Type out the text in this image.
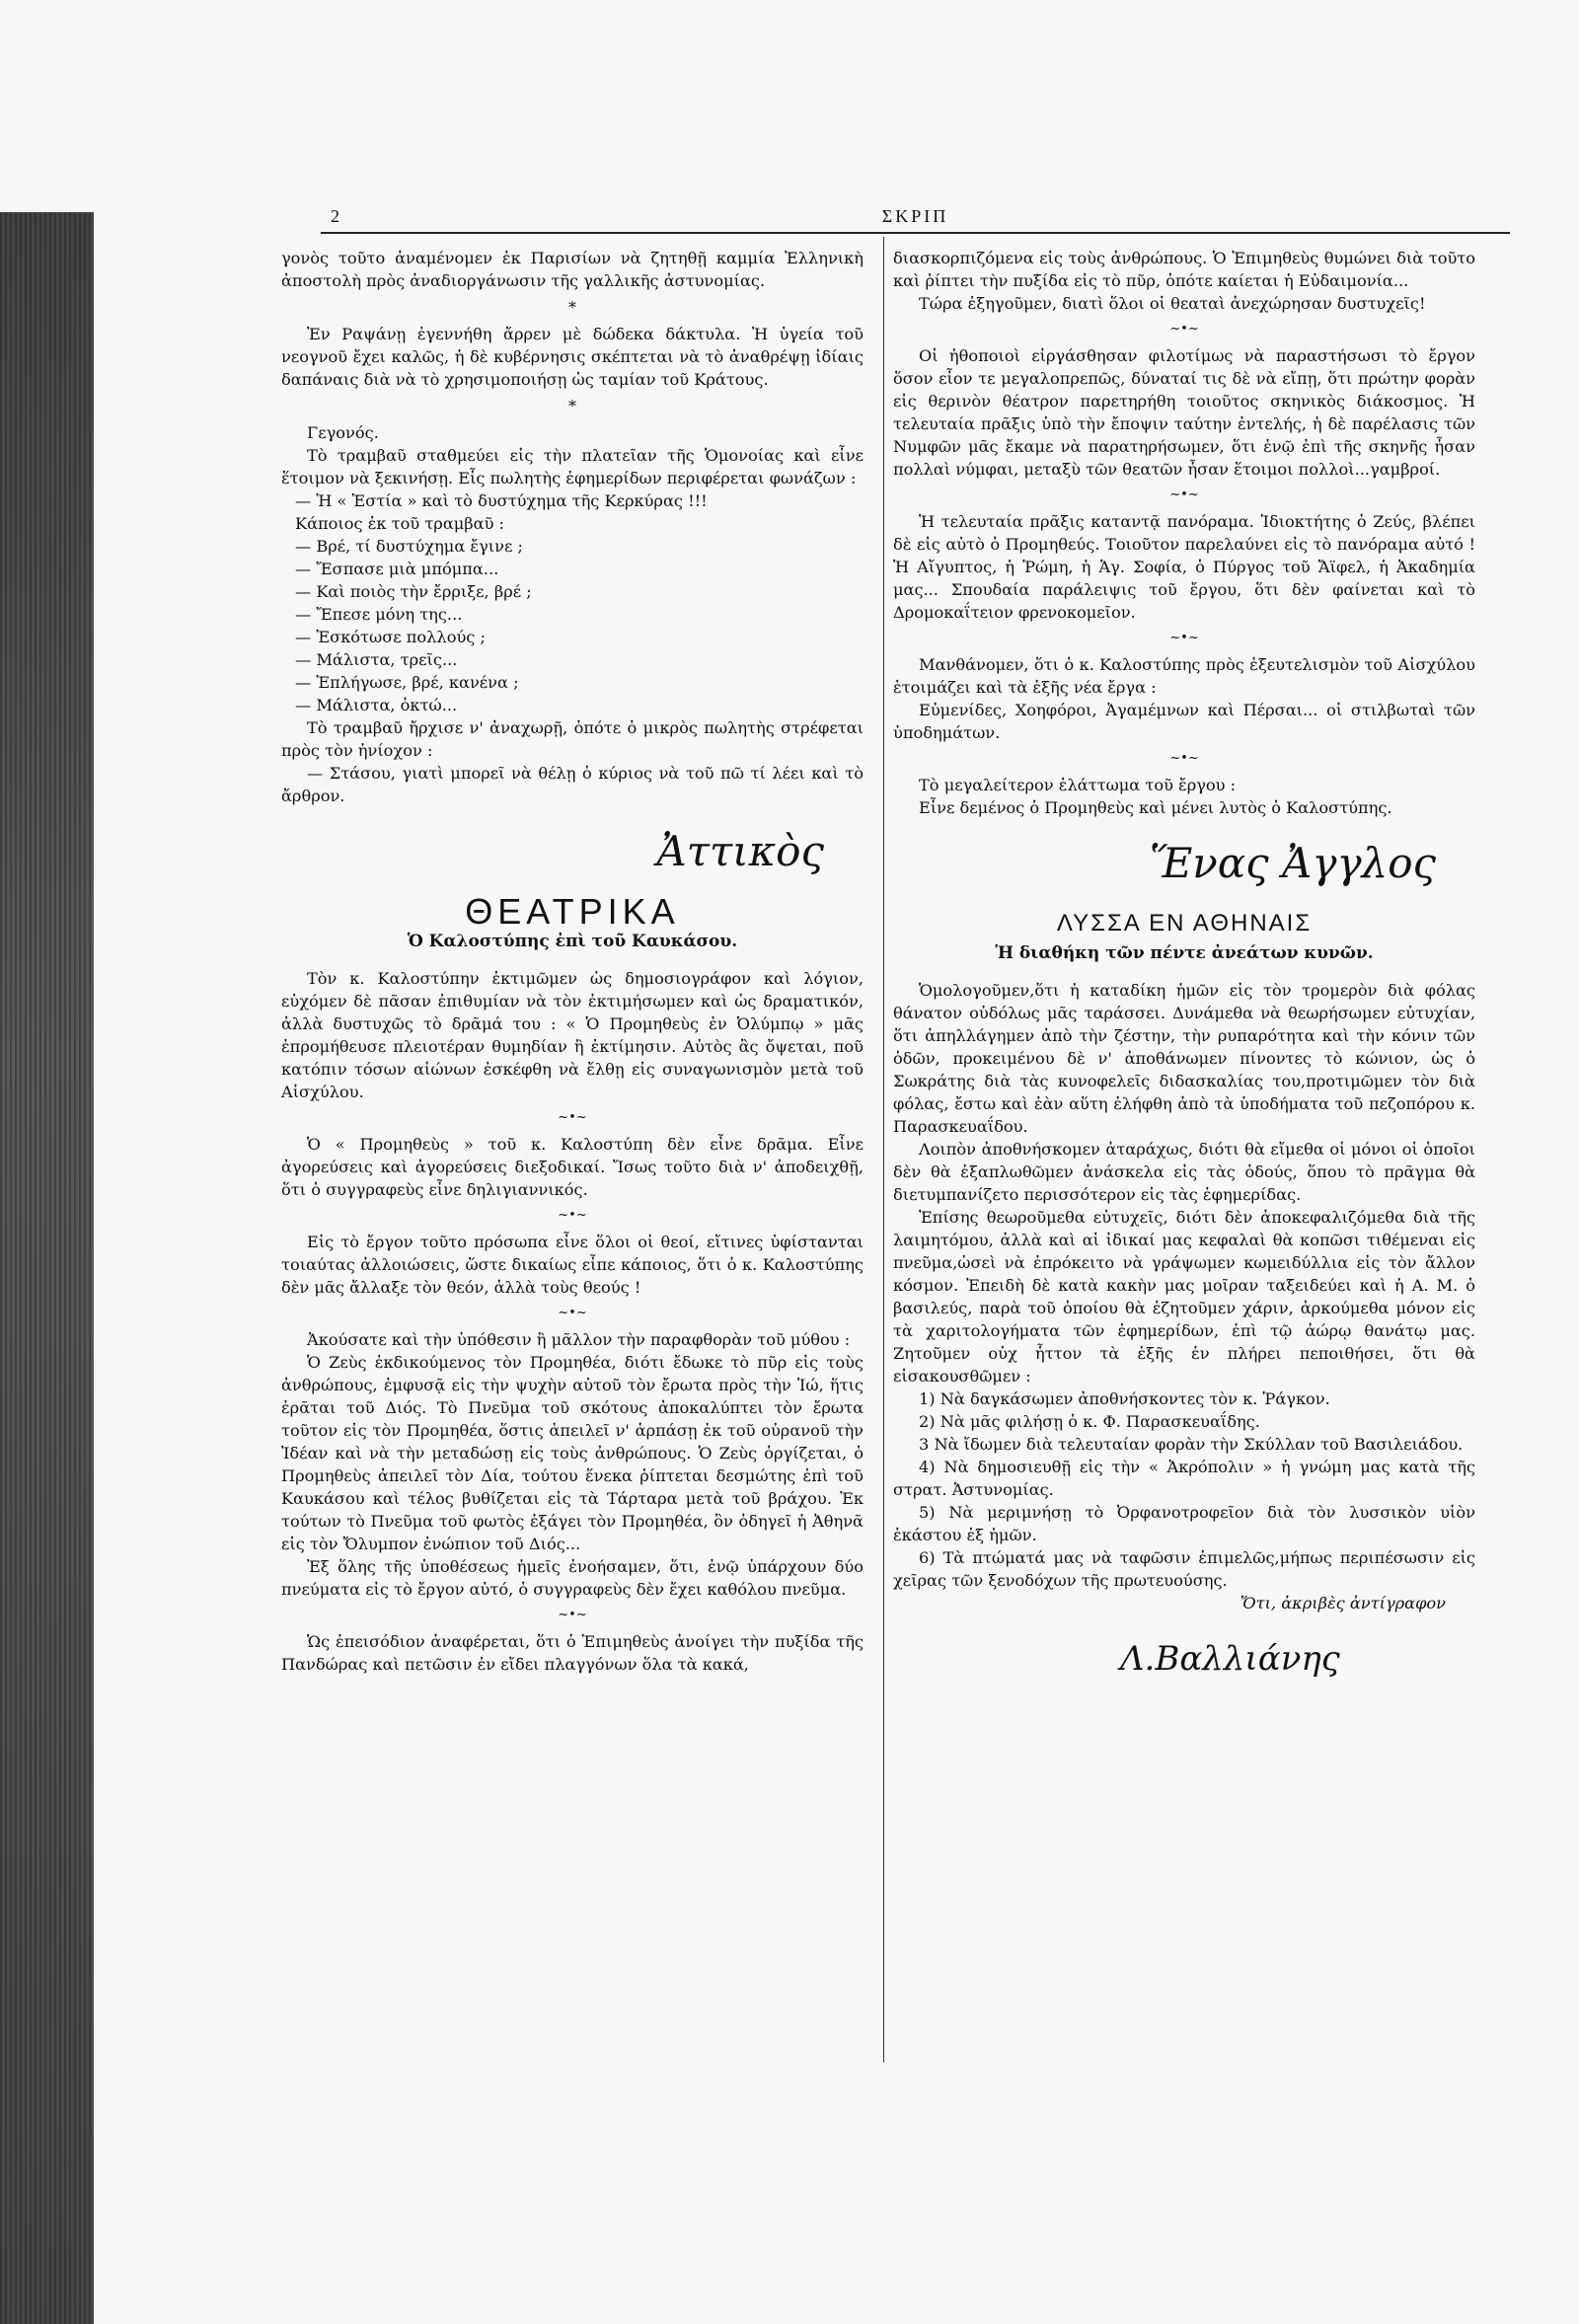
2	ΣΚΡΙΠ

γονὸς τοῦτο ἀναμένομεν ἐκ Παρισίων νὰ ζητηθῇ καμμία Ἑλληνικὴ ἀποστολὴ πρὸς ἀναδιοργάνωσιν τῆς γαλλικῆς ἀστυνομίας.

*

Ἐν Ραψάνῃ ἐγεννήθη ἄρρεν μὲ δώδεκα δάκτυλα. Ἡ ὑγεία τοῦ νεογνοῦ ἔχει καλῶς, ἡ δὲ κυβέρνησις σκέπτεται νὰ τὸ ἀναθρέψῃ ἰδίαις δαπάναις διὰ νὰ τὸ χρησιμοποιήσῃ ὡς ταμίαν τοῦ Κράτους.

*

Γεγονός.

Τὸ τραμβαῦ σταθμεύει εἰς τὴν πλατεῖαν τῆς Ὁμονοίας καὶ εἶνε ἕτοιμον νὰ ξεκινήσῃ. Εἷς πωλητὴς ἐφημερίδων περιφέρεται φωνάζων :

— Ἡ « Ἑστία » καὶ τὸ δυστύχημα τῆς Κερκύρας !!!

Κάποιος ἐκ τοῦ τραμβαῦ :

— Βρέ, τί δυστύχημα ἔγινε ;

— Ἔσπασε μιὰ μπόμπα...

— Καὶ ποιὸς τὴν ἔρριξε, βρέ ;

— Ἔπεσε μόνη της...

— Ἐσκότωσε πολλούς ;

— Μάλιστα, τρεῖς...

— Ἐπλήγωσε, βρέ, κανένα ;

— Μάλιστα, ὀκτώ...

Τὸ τραμβαῦ ἤρχισε ν' ἀναχωρῇ, ὁπότε ὁ μικρὸς πωλητὴς στρέφεται πρὸς τὸν ἡνίοχον :

— Στάσου, γιατὶ μπορεῖ νὰ θέλῃ ὁ κύριος νὰ τοῦ πῶ τί λέει καὶ τὸ ἄρθρον.

Ἀττικὸς
ΘΕΑΤΡΙΚΑ
Ὁ Καλοστύπης ἐπὶ τοῦ Καυκάσου.

Τὸν κ. Καλοστύπην ἐκτιμῶμεν ὡς δημοσιογράφον καὶ λόγιον, εὐχόμεν δὲ πᾶσαν ἐπιθυμίαν νὰ τὸν ἐκτιμήσωμεν καὶ ὡς δραματικόν, ἀλλὰ δυστυχῶς τὸ δρᾶμά του : « Ὁ Προμηθεὺς ἐν Ὀλύμπῳ » μᾶς ἐπρομήθευσε πλειοτέραν θυμηδίαν ἢ ἐκτίμησιν. Αὐτὸς ἂς ὄψεται, ποῦ κατόπιν τόσων αἰώνων ἐσκέφθη νὰ ἔλθῃ εἰς συναγωνισμὸν μετὰ τοῦ Αἰσχύλου.

~•~

Ὁ « Προμηθεὺς » τοῦ κ. Καλοστύπη δὲν εἶνε δρᾶμα. Εἶνε ἀγορεύσεις καὶ ἀγορεύσεις διεξοδικαί. Ἴσως τοῦτο διὰ ν' ἀποδειχθῇ, ὅτι ὁ συγγραφεὺς εἶνε δηλιγιαννικός.

~•~

Εἰς τὸ ἔργον τοῦτο πρόσωπα εἶνε ὅλοι οἱ θεοί, εἴτινες ὑφίστανται τοιαύτας ἀλλοιώσεις, ὥστε δικαίως εἶπε κάποιος, ὅτι ὁ κ. Καλοστύπης δὲν μᾶς ἄλλαξε τὸν θεόν, ἀλλὰ τοὺς θεούς !

~•~

Ἀκούσατε καὶ τὴν ὑπόθεσιν ἢ μᾶλλον τὴν παραφθορὰν τοῦ μύθου :

Ὁ Ζεὺς ἐκδικούμενος τὸν Προμηθέα, διότι ἔδωκε τὸ πῦρ εἰς τοὺς ἀνθρώπους, ἐμφυσᾷ εἰς τὴν ψυχὴν αὐτοῦ τὸν ἔρωτα πρὸς τὴν Ἰώ, ἥτις ἐρᾶται τοῦ Διός. Τὸ Πνεῦμα τοῦ σκότους ἀποκαλύπτει τὸν ἔρωτα τοῦτον εἰς τὸν Προμηθέα, ὅστις ἀπειλεῖ ν' ἁρπάσῃ ἐκ τοῦ οὐρανοῦ τὴν Ἰδέαν καὶ νὰ τὴν μεταδώσῃ εἰς τοὺς ἀνθρώπους. Ὁ Ζεὺς ὀργίζεται, ὁ Προμηθεὺς ἀπειλεῖ τὸν Δία, τούτου ἕνεκα ῥίπτεται δεσμώτης ἐπὶ τοῦ Καυκάσου καὶ τέλος βυθίζεται εἰς τὰ Τάρταρα μετὰ τοῦ βράχου. Ἐκ τούτων τὸ Πνεῦμα τοῦ φωτὸς ἐξάγει τὸν Προμηθέα, ὃν ὁδηγεῖ ἡ Ἀθηνᾶ εἰς τὸν Ὄλυμπον ἐνώπιον τοῦ Διός...

Ἐξ ὅλης τῆς ὑποθέσεως ἡμεῖς ἐνοήσαμεν, ὅτι, ἐνῷ ὑπάρχουν δύο πνεύματα εἰς τὸ ἔργον αὐτό, ὁ συγγραφεὺς δὲν ἔχει καθόλου πνεῦμα.

~•~

Ὡς ἐπεισόδιον ἀναφέρεται, ὅτι ὁ Ἐπιμηθεὺς ἀνοίγει τὴν πυξίδα τῆς Πανδώρας καὶ πετῶσιν ἐν εἴδει πλαγγόνων ὅλα τὰ κακά,

διασκορπιζόμενα εἰς τοὺς ἀνθρώπους. Ὁ Ἐπιμηθεὺς θυμώνει διὰ τοῦτο καὶ ῥίπτει τὴν πυξίδα εἰς τὸ πῦρ, ὁπότε καίεται ἡ Εὐδαιμονία...

Τώρα ἐξηγοῦμεν, διατὶ ὅλοι οἱ θεαταὶ ἀνεχώρησαν δυστυχεῖς!

~•~

Οἱ ἠθοποιοὶ εἰργάσθησαν φιλοτίμως νὰ παραστήσωσι τὸ ἔργον ὅσον εἶον τε μεγαλοπρεπῶς, δύναταί τις δὲ νὰ εἴπῃ, ὅτι πρώτην φορὰν εἰς θερινὸν θέατρον παρετηρήθη τοιοῦτος σκηνικὸς διάκοσμος. Ἡ τελευταία πρᾶξις ὑπὸ τὴν ἔποψιν ταύτην ἐντελής, ἡ δὲ παρέλασις τῶν Νυμφῶν μᾶς ἔκαμε νὰ παρατηρήσωμεν, ὅτι ἐνῷ ἐπὶ τῆς σκηνῆς ἦσαν πολλαὶ νύμφαι, μεταξὺ τῶν θεατῶν ἦσαν ἕτοιμοι πολλοὶ...γαμβροί.

~•~

Ἡ τελευταία πρᾶξις καταντᾷ πανόραμα. Ἰδιοκτήτης ὁ Ζεύς, βλέπει δὲ εἰς αὐτὸ ὁ Προμηθεύς. Τοιοῦτον παρελαύνει εἰς τὸ πανόραμα αὐτό ! Ἡ Αἴγυπτος, ἡ Ῥώμη, ἡ Ἁγ. Σοφία, ὁ Πύργος τοῦ Ἄϊφελ, ἡ Ἀκαδημία μας... Σπουδαία παράλειψις τοῦ ἔργου, ὅτι δὲν φαίνεται καὶ τὸ Δρομοκαΐτειον φρενοκομεῖον.

~•~

Μανθάνομεν, ὅτι ὁ κ. Καλοστύπης πρὸς ἐξευτελισμὸν τοῦ Αἰσχύλου ἑτοιμάζει καὶ τὰ ἑξῆς νέα ἔργα :

Εὐμενίδες, Χοηφόροι, Ἀγαμέμνων καὶ Πέρσαι... οἱ στιλβωταὶ τῶν ὑποδημάτων.

~•~

Τὸ μεγαλείτερον ἐλάττωμα τοῦ ἔργου :

Εἶνε δεμένος ὁ Προμηθεὺς καὶ μένει λυτὸς ὁ Καλοστύπης.

Ἕνας Ἀγγλος
ΛΥΣΣΑ ΕΝ ΑΘΗΝΑΙΣ
Ἡ διαθήκη τῶν πέντε ἀνεάτων κυνῶν.

Ὁμολογοῦμεν,ὅτι ἡ καταδίκη ἡμῶν εἰς τὸν τρομερὸν διὰ φόλας θάνατον οὐδόλως μᾶς ταράσσει. Δυνάμεθα νὰ θεωρήσωμεν εὐτυχίαν, ὅτι ἀπηλλάγημεν ἀπὸ τὴν ζέστην, τὴν ρυπαρότητα καὶ τὴν κόνιν τῶν ὁδῶν, προκειμένου δὲ ν' ἀποθάνωμεν πίνοντες τὸ κώνιον, ὡς ὁ Σωκράτης διὰ τὰς κυνοφελεῖς διδασκαλίας του,προτιμῶμεν τὸν διὰ φόλας, ἔστω καὶ ἐὰν αὕτη ἐλήφθη ἀπὸ τὰ ὑποδήματα τοῦ πεζοπόρου κ. Παρασκευαΐδου.

Λοιπὸν ἀποθνήσκομεν ἀταράχως, διότι θὰ εἴμεθα οἱ μόνοι οἱ ὁποῖοι δὲν θὰ ἐξαπλωθῶμεν ἀνάσκελα εἰς τὰς ὁδούς, ὅπου τὸ πρᾶγμα θὰ διετυμπανίζετο περισσότερον εἰς τὰς ἐφημερίδας.

Ἐπίσης θεωροῦμεθα εὐτυχεῖς, διότι δὲν ἀποκεφαλιζόμεθα διὰ τῆς λαιμητόμου, ἀλλὰ καὶ αἱ ἰδικαί μας κεφαλαὶ θὰ κοπῶσι τιθέμεναι εἰς πνεῦμα,ὡσεὶ νὰ ἐπρόκειτο νὰ γράψωμεν κωμειδύλλια εἰς τὸν ἄλλον κόσμον. Ἐπειδὴ δὲ κατὰ κακὴν μας μοῖραν ταξειδεύει καὶ ἡ Α. Μ. ὁ βασιλεύς, παρὰ τοῦ ὁποίου θὰ ἐζητοῦμεν χάριν, ἀρκούμεθα μόνον εἰς τὰ χαριτολογήματα τῶν ἐφημερίδων, ἐπὶ τῷ ἀώρῳ θανάτῳ μας. Ζητοῦμεν οὐχ ἧττον τὰ ἑξῆς ἐν πλήρει πεποιθήσει, ὅτι θὰ εἰσακουσθῶμεν :

1) Νὰ δαγκάσωμεν ἀποθνήσκοντες τὸν κ. Ῥάγκον.

2) Νὰ μᾶς φιλήσῃ ὁ κ. Φ. Παρασκευαΐδης.

3 Νὰ ἴδωμεν διὰ τελευταίαν φορὰν τὴν Σκύλλαν τοῦ Βασιλειάδου.

4) Νὰ δημοσιευθῇ εἰς τὴν « Ἀκρόπολιν » ἡ γνώμη μας κατὰ τῆς στρατ. Ἀστυνομίας.

5) Νὰ μεριμνήσῃ τὸ Ὀρφανοτροφεῖον διὰ τὸν λυσσικὸν υἱὸν ἑκάστου ἐξ ἡμῶν.

6) Τὰ πτώματά μας νὰ ταφῶσιν ἐπιμελῶς,μήπως περιπέσωσιν εἰς χεῖρας τῶν ξενοδόχων τῆς πρωτευούσης.

Ὅτι, ἀκριβὲς ἀντίγραφον
Λ.Βαλλιάνης
